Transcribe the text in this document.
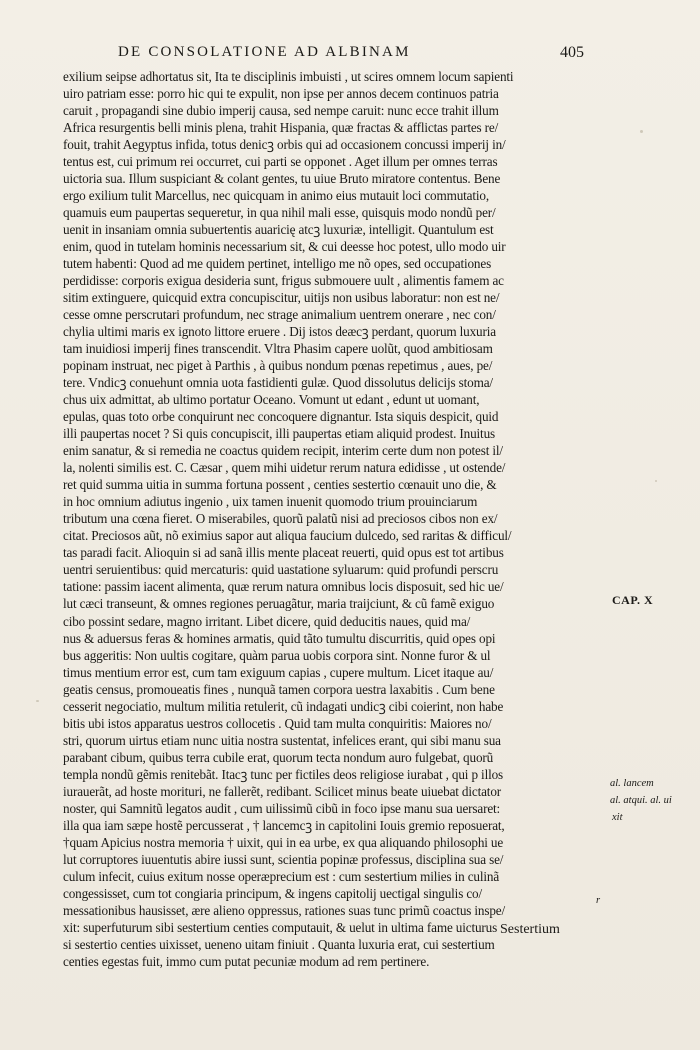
DE CONSOLATIONE AD ALBINAM	405
exilium seipse adhortatus sit, Ita te disciplinis imbuisti , ut scires omnem locum sapienti
uiro patriam esse: porro hic qui te expulit, non ipse per annos decem continuos patria
caruit , propagandi sine dubio imperij causa, sed nempe caruit: nunc ecce trahit illum
Africa resurgentis belli minis plena, trahit Hispania, quæ fractas & afflictas partes re/
fouit, trahit Aegyptus infida, totus denicꝫ orbis qui ad occasionem concussi imperij in/
tentus est, cui primum rei occurret, cui parti se opponet . Aget illum per omnes terras
uictoria sua. Illum suspiciant & colant gentes, tu uiue Bruto miratore contentus. Bene
ergo exilium tulit Marcellus, nec quicquam in animo eius mutauit loci commutatio,
quamuis eum paupertas sequeretur, in qua nihil mali esse, quisquis modo nondũ per/
uenit in insaniam omnia subuertentis auaricię atcꝫ luxuriæ, intelligit. Quantulum est
enim, quod in tutelam hominis necessarium sit, & cui deesse hoc potest, ullo modo uir
tutem habenti: Quod ad me quidem pertinet, intelligo me nõ opes, sed occupationes
perdidisse: corporis exigua desideria sunt, frigus submouere uult , alimentis famem ac
sitim extinguere, quicquid extra concupiscitur, uitijs non usibus laboratur: non est ne/
cesse omne perscrutari profundum, nec strage animalium uentrem onerare , nec con/
chylia ultimi maris ex ignoto littore eruere . Dij istos deæcꝫ perdant, quorum luxuria
tam inuidiosi imperij fines transcendit. Vltra Phasim capere uolũt, quod ambitiosam
popinam instruat, nec piget à Parthis , à quibus nondum pœnas repetimus , aues, pe/
tere. Vndicꝫ conuehunt omnia uota fastidienti gulæ. Quod dissolutus delicijs stoma/
chus uix admittat, ab ultimo portatur Oceano. Vomunt ut edant , edunt ut uomant,
epulas, quas toto orbe conquirunt nec concoquere dignantur. Ista siquis despicit, quid
illi paupertas nocet ? Si quis concupiscit, illi paupertas etiam aliquid prodest. Inuitus
enim sanatur, & si remedia ne coactus quidem recipit, interim certe dum non potest il/
la, nolenti similis est. C. Cæsar , quem mihi uidetur rerum natura edidisse , ut ostende/
ret quid summa uitia in summa fortuna possent , centies sestertio cœnauit uno die, &
in hoc omnium adiutus ingenio , uix tamen inuenit quomodo trium prouinciarum
tributum una cœna fieret. O miserabiles, quorũ palatũ nisi ad preciosos cibos non ex/
citat. Preciosos aũt, nõ eximius sapor aut aliqua faucium dulcedo, sed raritas & difficul/
tas paradi facit. Alioquin si ad sanã illis mente placeat reuerti, quid opus est tot artibus
uentri seruientibus: quid mercaturis: quid uastatione syluarum: quid profundi perscru
tatione: passim iacent alimenta, quæ rerum natura omnibus locis disposuit, sed hic ue/
lut cæci transeunt, & omnes regiones peruagãtur, maria traijciunt, & cũ famẽ exiguo
cibo possint sedare, magno irritant. Libet dicere, quid deducitis naues, quid ma/
nus & aduersus feras & homines armatis, quid tãto tumultu discurritis, quid opes opi
bus aggeritis: Non uultis cogitare, quàm parua uobis corpora sint. Nonne furor & ul
timus mentium error est, cum tam exiguum capias , cupere multum. Licet itaque au/
geatis census, promoueatis fines , nunquã tamen corpora uestra laxabitis . Cum bene
cesserit negociatio, multum militia retulerit, cũ indagati undicꝫ cibi coierint, non habe
bitis ubi istos apparatus uestros collocetis . Quid tam multa conquiritis: Maiores no/
stri, quorum uirtus etiam nunc uitia nostra sustentat, infelices erant, qui sibi manu sua
parabant cibum, quibus terra cubile erat, quorum tecta nondum auro fulgebat, quorũ
templa nondũ gẽmis renitebãt. Itacꝫ tunc per fictiles deos religiose iurabat , qui p illos
iurauerãt, ad hoste morituri, ne fallerẽt, redibant. Scilicet minus beate uiuebat dictator
noster, qui Samnitũ legatos audit , cum uilissimũ cibũ in foco ipse manu sua uersaret:
illa qua iam sæpe hostẽ percusserat , † lancemcꝫ in capitolini Iouis gremio reposuerat,
†quam Apicius nostra memoria † uixit, qui in ea urbe, ex qua aliquando philosophi ue
lut corruptores iuuentutis abire iussi sunt, scientia popinæ professus, disciplina sua se/
culum infecit, cuius exitum nosse operæprecium est : cum sestertium milies in culinã
congessisset, cum tot congiaria principum, & ingens capitolij uectigal singulis co/
messationibus hausisset, ære alieno oppressus, rationes suas tunc primũ coactus inspe/
xit: superfuturum sibi sestertium centies computauit, & uelut in ultima fame uicturus
si sestertio centies uixisset, ueneno uitam finiuit . Quanta luxuria erat, cui sestertium
centies egestas fuit, immo cum putat pecuniæ modum ad rem pertinere.
CAP. X
al. lancem
al. atqui. al. ui
xit
r
Sestertium
